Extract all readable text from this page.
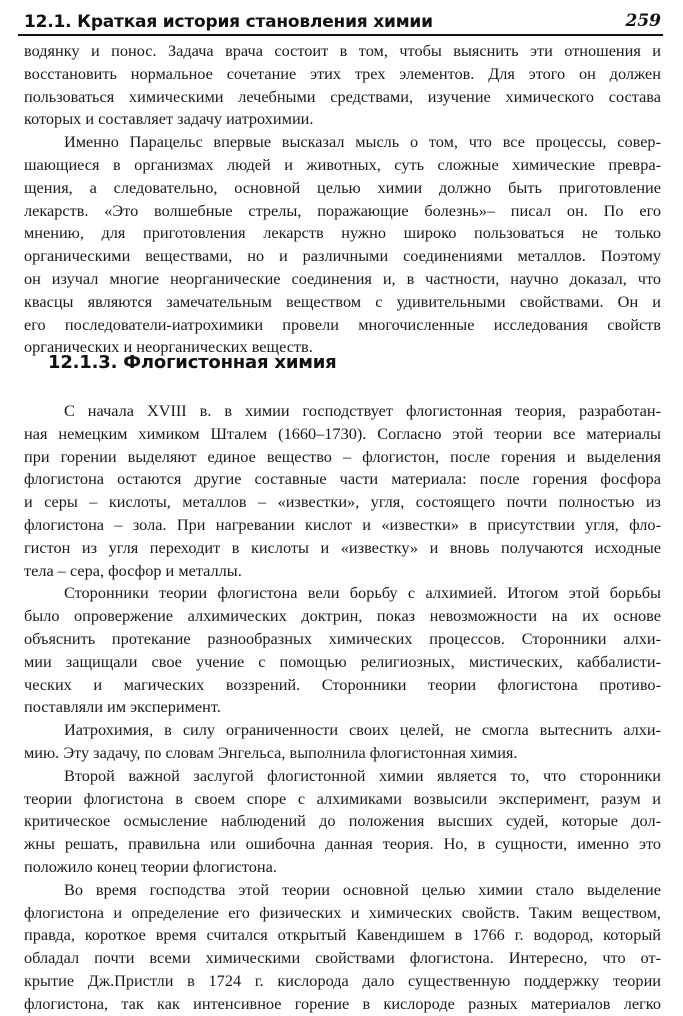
12.1. Краткая история становления химии	259

водянку и понос. Задача врача состоит в том, чтобы выяснить эти отношения и
восстановить нормальное сочетание этих трех элементов. Для этого он должен
пользоваться химическими лечебными средствами, изучение химического состава
которых и составляет задачу иатрохимии.

Именно Парацельс впервые высказал мысль о том, что все процессы, совер-
шающиеся в организмах людей и животных, суть сложные химические превра-
щения, а следовательно, основной целью химии должно быть приготовление
лекарств. «Это волшебные стрелы, поражающие болезнь»– писал он. По его
мнению, для приготовления лекарств нужно широко пользоваться не только
органическими веществами, но и различными соединениями металлов. Поэтому
он изучал многие неорганические соединения и, в частности, научно доказал, что
квасцы являются замечательным веществом с удивительными свойствами. Он и
его последователи-иатрохимики провели многочисленные исследования свойств
органических и неорганических веществ.

12.1.3. Флогистонная химия

С начала XVIII в. в химии господствует флогистонная теория, разработан-
ная немецким химиком Шталем (1660–1730). Согласно этой теории все материалы
при горении выделяют единое вещество – флогистон, после горения и выделения
флогистона остаются другие составные части материала: после горения фосфора
и серы – кислоты, металлов – «известки», угля, состоящего почти полностью из
флогистона – зола. При нагревании кислот и «известки» в присутствии угля, фло-
гистон из угля переходит в кислоты и «известку» и вновь получаются исходные
тела – сера, фосфор и металлы.

Сторонники теории флогистона вели борьбу с алхимией. Итогом этой борьбы
было опровержение алхимических доктрин, показ невозможности на их основе
объяснить протекание разнообразных химических процессов. Сторонники алхи-
мии защищали свое учение с помощью религиозных, мистических, каббалисти-
ческих и магических воззрений. Сторонники теории флогистона противо-
поставляли им эксперимент.

Иатрохимия, в силу ограниченности своих целей, не смогла вытеснить алхи-
мию. Эту задачу, по словам Энгельса, выполнила флогистонная химия.

Второй важной заслугой флогистонной химии является то, что сторонники
теории флогистона в своем споре с алхимиками возвысили эксперимент, разум и
критическое осмысление наблюдений до положения высших судей, которые дол-
жны решать, правильна или ошибочна данная теория. Но, в сущности, именно это
положило конец теории флогистона.

Во время господства этой теории основной целью химии стало выделение
флогистона и определение его физических и химических свойств. Таким веществом,
правда, короткое время считался открытый Кавендишем в 1766 г. водород, который
обладал почти всеми химическими свойствами флогистона. Интересно, что от-
крытие Дж.Пристли в 1724 г. кислорода дало существенную поддержку теории
флогистона, так как интенсивное горение в кислороде разных материалов легко
